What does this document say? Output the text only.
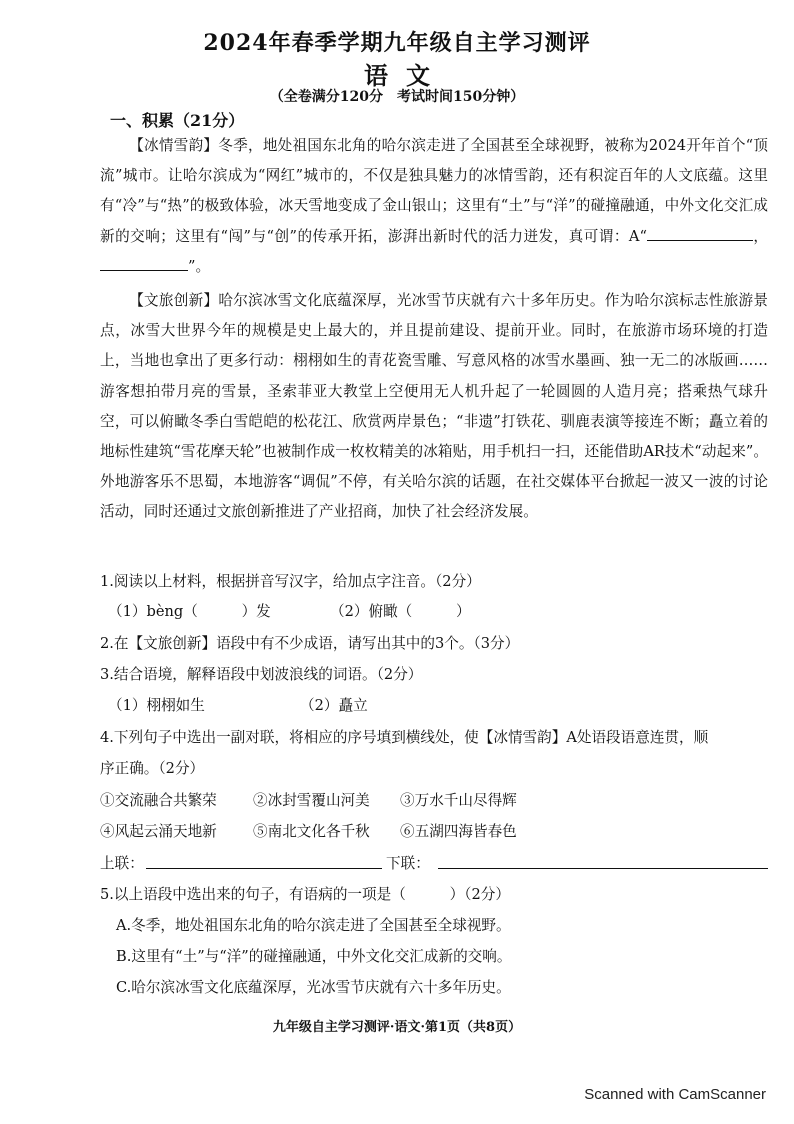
2024年春季学期九年级自主学习测评
语文
（全卷满分120分　考试时间150分钟）
一、积累（21分）

【冰情雪韵】冬季，地处祖国东北角的哈尔滨走进了全国甚至全球视野，被称为2024开年首个“顶流”城市。让哈尔滨成为“网红”城市的，不仅是独具魅力的冰情雪韵，还有积淀百年的人文底蕴。这里有“冷”与“热”的极致体验，冰天雪地变成了金山银山；这里有“土”与“洋”的碰撞融通，中外文化交汇成新的交响；这里有“闯”与“创”的传承开拓，澎湃出新时代的活力迸发，真可谓：A“	，”。

【文旅创新】哈尔滨冰雪文化底蕴深厚，光冰雪节庆就有六十多年历史。作为哈尔滨标志性旅游景点，冰雪大世界今年的规模是史上最大的，并且提前建设、提前开业。同时，在旅游市场环境的打造上，当地也拿出了更多行动：栩栩如生的青花瓷雪雕、写意风格的冰雪水墨画、独一无二的冰版画……游客想拍带月亮的雪景，圣索菲亚大教堂上空便用无人机升起了一轮圆圆的人造月亮；搭乘热气球升空，可以俯瞰冬季白雪皑皑的松花江、欣赏两岸景色；“非遗”打铁花、驯鹿表演等接连不断；矗立着的地标性建筑“雪花摩天轮”也被制作成一枚枚精美的冰箱贴，用手机扫一扫，还能借助AR技术“动起来”。外地游客乐不思蜀，本地游客“调侃”不停，有关哈尔滨的话题，在社交媒体平台掀起一波又一波的讨论活动，同时还通过文旅创新推进了产业招商，加快了社会经济发展。

1.阅读以上材料，根据拼音写汉字，给加点字注音。（2分）
（1）bèng（　　　）发	（2）俯瞰（　　　）
2.在【文旅创新】语段中有不少成语，请写出其中的3个。（3分）
3.结合语境，解释语段中划波浪线的词语。（2分）
（1）栩栩如生	（2）矗立
4.下列句子中选出一副对联，将相应的序号填到横线处，使【冰情雪韵】A处语段语意连贯，顺
序正确。（2分）
①交流融合共繁荣 ②冰封雪覆山河美 ③万水千山尽得辉
④风起云涌天地新 ⑤南北文化各千秋 ⑥五湖四海皆春色
上联：	下联：
5.以上语段中选出来的句子，有语病的一项是（　　　）（2分）
A.冬季，地处祖国东北角的哈尔滨走进了全国甚至全球视野。
B.这里有“土”与“洋”的碰撞融通，中外文化交汇成新的交响。
C.哈尔滨冰雪文化底蕴深厚，光冰雪节庆就有六十多年历史。
九年级自主学习测评·语文·第1页（共8页）
Scanned with CamScanner
